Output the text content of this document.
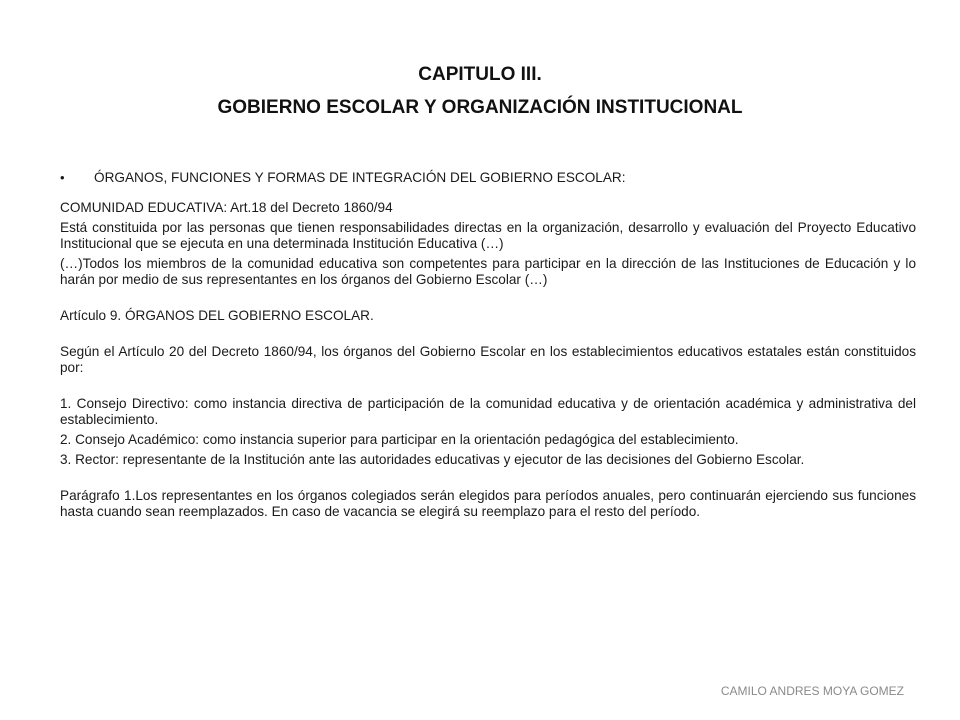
CAPITULO III.
GOBIERNO ESCOLAR Y ORGANIZACIÓN INSTITUCIONAL
•	ÓRGANOS, FUNCIONES Y FORMAS DE INTEGRACIÓN DEL GOBIERNO ESCOLAR:

COMUNIDAD EDUCATIVA: Art.18 del Decreto 1860/94

Está constituida por las personas que tienen responsabilidades directas en la organización, desarrollo y evaluación del Proyecto Educativo Institucional que se ejecuta en una determinada Institución Educativa (…)

(…)Todos los miembros de la comunidad educativa son competentes para participar en la dirección de las Instituciones de Educación y lo harán por medio de sus representantes en los órganos del Gobierno Escolar (…)

Artículo 9. ÓRGANOS DEL GOBIERNO ESCOLAR.

Según el Artículo 20 del Decreto 1860/94, los órganos del Gobierno Escolar en los establecimientos educativos estatales están constituidos por:

1. Consejo Directivo: como instancia directiva de participación de la comunidad educativa y de orientación académica y administrativa del establecimiento.

2. Consejo Académico: como instancia superior para participar en la orientación pedagógica del establecimiento.

3. Rector: representante de la Institución ante las autoridades educativas y ejecutor de las decisiones del Gobierno Escolar.

Parágrafo 1.Los representantes en los órganos colegiados serán elegidos para períodos anuales, pero continuarán ejerciendo sus funciones hasta cuando sean reemplazados. En caso de vacancia se elegirá su reemplazo para el resto del período.

CAMILO ANDRES MOYA GOMEZ
